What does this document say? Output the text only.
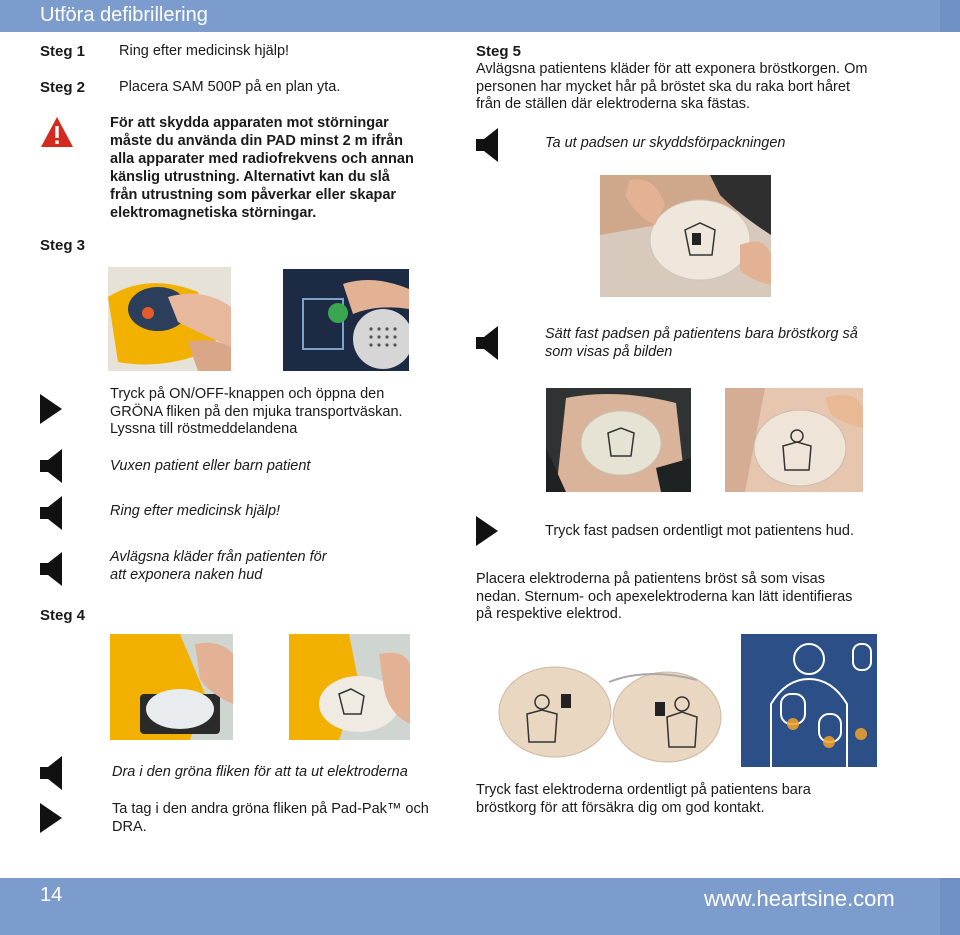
Utföra defibrillering
Steg 1 Ring efter medicinsk hjälp!
Steg 2 Placera SAM 500P på en plan yta.
För att skydda apparaten mot störningar
måste du använda din PAD minst 2 m ifrån
alla apparater med radiofrekvens och annan
känslig utrustning. Alternativt kan du slå
från utrustning som påverkar eller skapar
elektromagnetiska störningar.
Steg 3
Tryck på ON/OFF-knappen och öppna den
GRÖNA fliken på den mjuka transportväskan.
Lyssna till röstmeddelandena
Vuxen patient eller barn patient
Ring efter medicinsk hjälp!
Avlägsna kläder från patienten för
att exponera naken hud
Steg 4
Dra i den gröna fliken för att ta ut elektroderna
Ta tag i den andra gröna fliken på Pad-Pak™ och
DRA.
Steg 5
Avlägsna patientens kläder för att exponera bröstkorgen. Om
personen har mycket hår på bröstet ska du raka bort håret
från de ställen där elektroderna ska fästas.
Ta ut padsen ur skyddsförpackningen
Sätt fast padsen på patientens bara bröstkorg så
som visas på bilden
Tryck fast padsen ordentligt mot patientens hud.
Placera elektroderna på patientens bröst så som visas
nedan. Sternum- och apexelektroderna kan lätt identifieras
på respektive elektrod.
Tryck fast elektroderna ordentligt på patientens bara
bröstkorg för att försäkra dig om god kontakt.
14	www.heartsine.com
